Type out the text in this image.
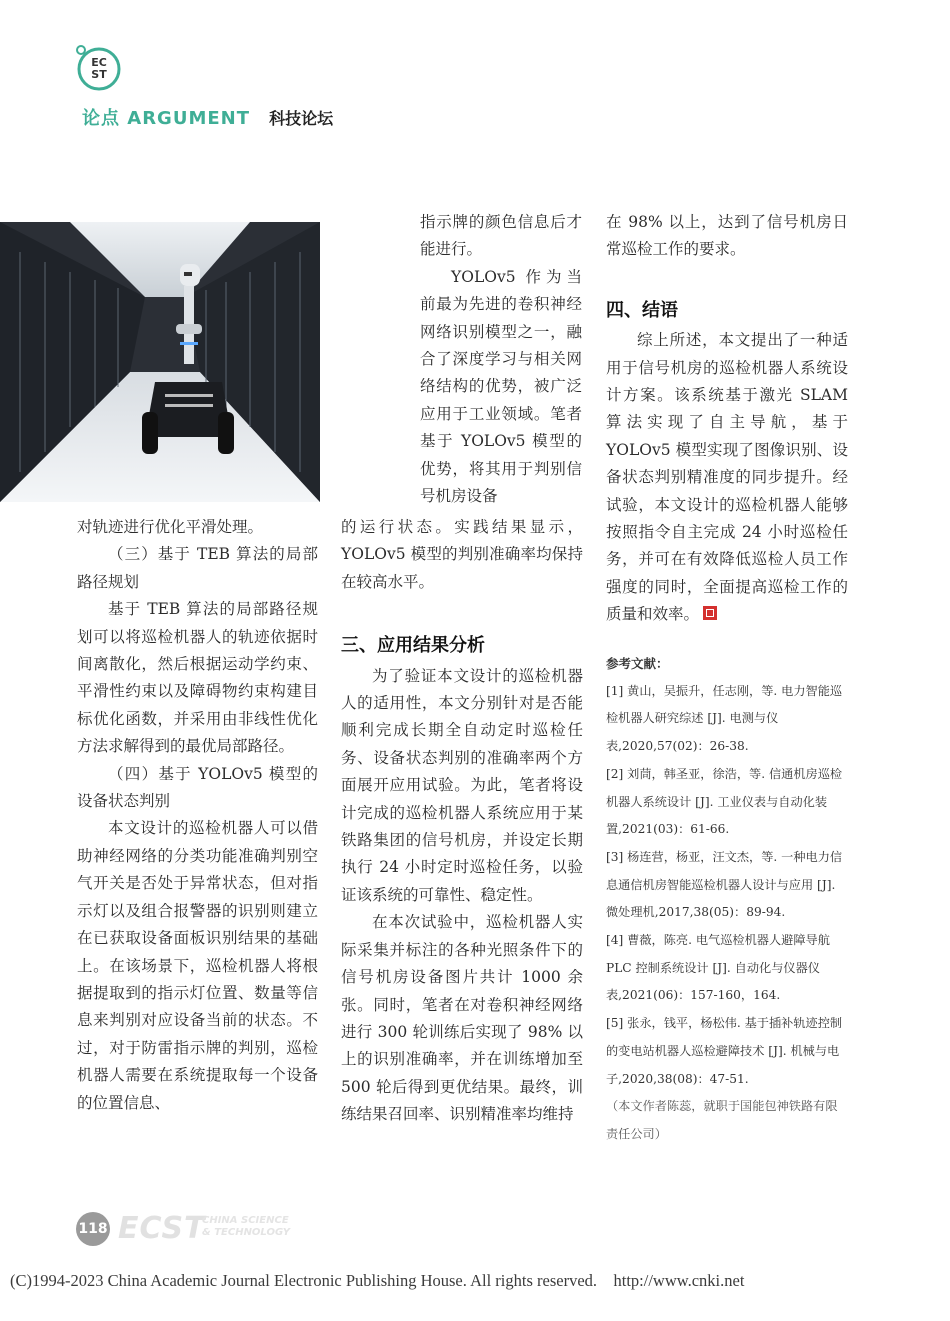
EC
ST
论点 ARGUMENT 科技论坛

指示牌的颜色信息后才能进行。

YOLOv5 作为当前最为先进的卷积神经网络识别模型之一，融合了深度学习与相关网络结构的优势，被广泛应用于工业领域。笔者基于 YOLOv5 模型的优势，将其用于判别信号机房设备

对轨迹进行优化平滑处理。

（三）基于 TEB 算法的局部路径规划

基于 TEB 算法的局部路径规划可以将巡检机器人的轨迹依据时间离散化，然后根据运动学约束、平滑性约束以及障碍物约束构建目标优化函数，并采用由非线性优化方法求解得到的最优局部路径。

（四）基于 YOLOv5 模型的设备状态判别

本文设计的巡检机器人可以借助神经网络的分类功能准确判别空气开关是否处于异常状态，但对指示灯以及组合报警器的识别则建立在已获取设备面板识别结果的基础上。在该场景下，巡检机器人将根据提取到的指示灯位置、数量等信息来判别对应设备当前的状态。不过，对于防雷指示牌的判别，巡检机器人需要在系统提取每一个设备的位置信息、

的运行状态。实践结果显示，YOLOv5 模型的判别准确率均保持在较高水平。

三、应用结果分析

为了验证本文设计的巡检机器人的适用性，本文分别针对是否能顺利完成长期全自动定时巡检任务、设备状态判别的准确率两个方面展开应用试验。为此，笔者将设计完成的巡检机器人系统应用于某铁路集团的信号机房，并设定长期执行 24 小时定时巡检任务，以验证该系统的可靠性、稳定性。

在本次试验中，巡检机器人实际采集并标注的各种光照条件下的信号机房设备图片共计 1000 余张。同时，笔者在对卷积神经网络进行 300 轮训练后实现了 98% 以上的识别准确率，并在训练增加至 500 轮后得到更优结果。最终，训练结果召回率、识别精准率均维持

在 98% 以上，达到了信号机房日常巡检工作的要求。

四、结语

综上所述，本文提出了一种适用于信号机房的巡检机器人系统设计方案。该系统基于激光 SLAM 算法实现了自主导航，基于 YOLOv5 模型实现了图像识别、设备状态判别精准度的同步提升。经试验，本文设计的巡检机器人能够按照指令自主完成 24 小时巡检任务，并可在有效降低巡检人员工作强度的同时，全面提高巡检工作的质量和效率。

参考文献：

[1] 黄山，吴振升，任志刚，等. 电力智能巡检机器人研究综述 [J]. 电测与仪表,2020,57(02)：26-38.

[2] 刘茼，韩圣亚，徐浩，等. 信通机房巡检机器人系统设计 [J]. 工业仪表与自动化装置,2021(03)：61-66.

[3] 杨连营，杨亚，汪文杰，等. 一种电力信息通信机房智能巡检机器人设计与应用 [J]. 微处理机,2017,38(05)：89-94.

[4] 曹薇，陈亮. 电气巡检机器人避障导航 PLC 控制系统设计 [J]. 自动化与仪器仪表,2021(06)：157-160，164.

[5] 张永，钱平，杨松伟. 基于插补轨迹控制的变电站机器人巡检避障技术 [J]. 机械与电子,2020,38(08)：47-51.

（本文作者陈蕊，就职于国能包神铁路有限责任公司）

118 ECST
CHINA SCIENCE
& TECHNOLOGY
(C)1994-2023 China Academic Journal Electronic Publishing House. All rights reserved.    http://www.cnki.net
